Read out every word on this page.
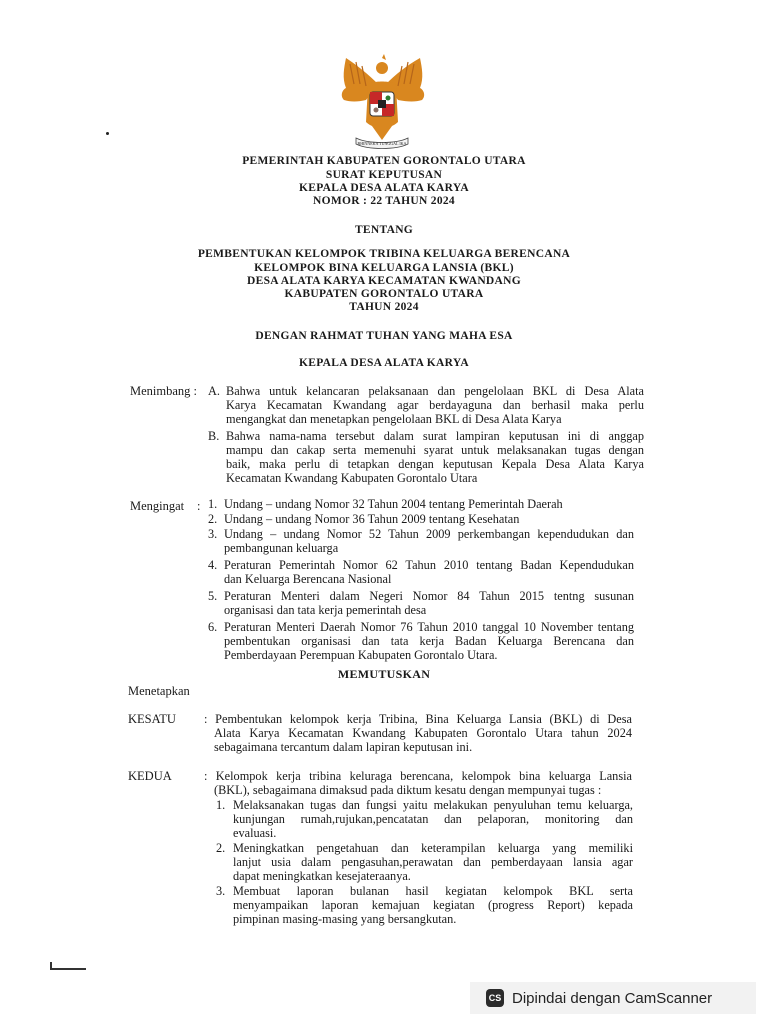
BHINNEKA TUNGGAL IKA
PEMERINTAH KABUPATEN GORONTALO UTARA
SURAT KEPUTUSAN
KEPALA DESA ALATA KARYA
NOMOR : 22 TAHUN 2024
TENTANG
PEMBENTUKAN KELOMPOK TRIBINA KELUARGA BERENCANA
KELOMPOK BINA KELUARGA LANSIA (BKL)
DESA ALATA KARYA KECAMATAN KWANDANG
KABUPATEN GORONTALO UTARA
TAHUN 2024
DENGAN RAHMAT TUHAN YANG MAHA ESA
KEPALA DESA ALATA KARYA
Menimbang : A. Bahwa untuk kelancaran pelaksanaan dan pengelolaan BKL di Desa Alata
Karya Kecamatan Kwandang agar berdayaguna dan berhasil maka perlu
mengangkat dan menetapkan pengelolaan BKL di Desa Alata Karya
B. Bahwa nama-nama tersebut dalam surat lampiran keputusan ini di anggap
mampu dan cakap serta memenuhi syarat untuk melaksanakan tugas dengan
baik, maka perlu di tetapkan dengan keputusan Kepala Desa Alata Karya
Kecamatan Kwandang Kabupaten Gorontalo Utara
Mengingat : 1. Undang – undang Nomor 32 Tahun 2004 tentang Pemerintah Daerah
2. Undang – undang Nomor 36 Tahun 2009 tentang Kesehatan
3. Undang – undang Nomor 52 Tahun 2009 perkembangan kependudukan dan
pembangunan keluarga
4. Peraturan Pemerintah Nomor 62 Tahun 2010 tentang Badan Kependudukan
dan Keluarga Berencana Nasional
5. Peraturan Menteri dalam Negeri Nomor 84 Tahun 2015 tentng susunan
organisasi dan tata kerja pemerintah desa
6. Peraturan Menteri Daerah Nomor 76 Tahun 2010 tanggal 10 November tentang
pembentukan organisasi dan tata kerja Badan Keluarga Berencana dan
Pemberdayaan Perempuan Kabupaten Gorontalo Utara.
MEMUTUSKAN
Menetapkan
KESATU : Pembentukan kelompok kerja Tribina, Bina Keluarga Lansia (BKL) di Desa
Alata Karya Kecamatan Kwandang Kabupaten Gorontalo Utara tahun 2024
sebagaimana tercantum dalam lapiran keputusan ini.
KEDUA	: Kelompok kerja tribina keluraga berencana, kelompok bina keluarga Lansia
(BKL), sebagaimana dimaksud pada diktum kesatu dengan mempunyai tugas :
1. Melaksanakan tugas dan fungsi yaitu melakukan penyuluhan temu keluarga,
kunjungan rumah,rujukan,pencatatan dan pelaporan, monitoring dan
evaluasi.
2. Meningkatkan pengetahuan dan keterampilan keluarga yang memiliki
lanjut usia dalam pengasuhan,perawatan dan pemberdayaan lansia agar
dapat meningkatkan kesejateraanya.
3. Membuat laporan bulanan hasil kegiatan kelompok BKL serta
menyampaikan laporan kemajuan kegiatan (progress Report) kepada
pimpinan masing-masing yang bersangkutan.
CS Dipindai dengan CamScanner
